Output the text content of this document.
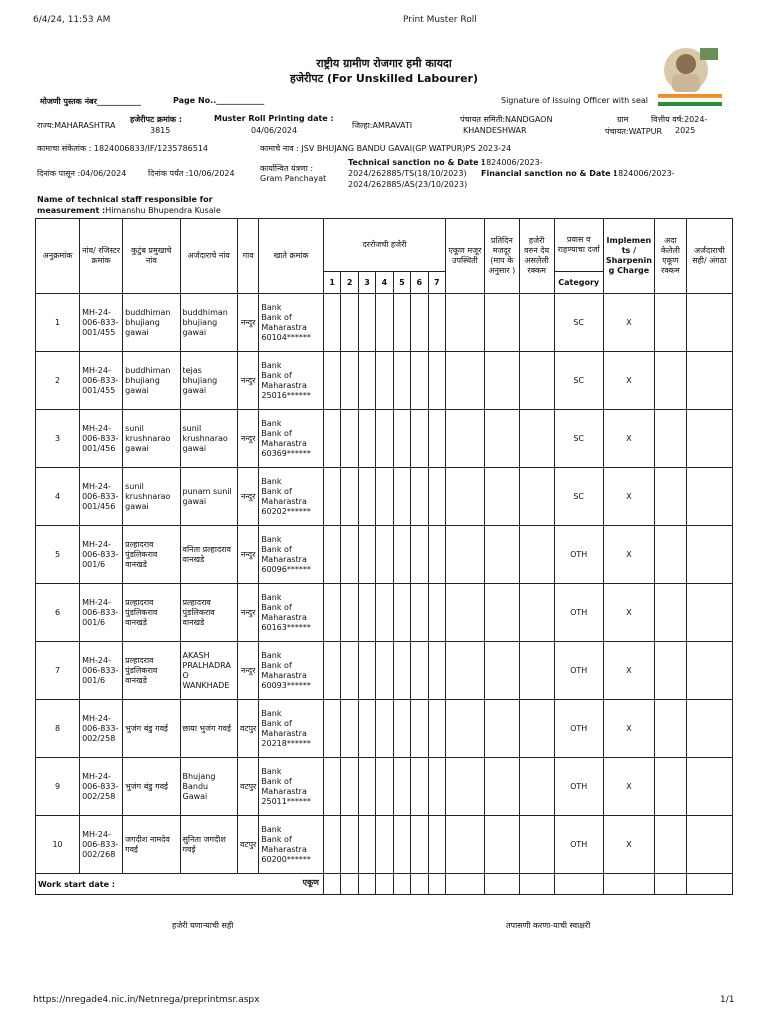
6/4/24, 11:53 AM	Print Muster Roll
राष्ट्रीय ग्रामीण रोजगार हमी कायदा
हजेरीपट (For Unskilled Labourer)
मोजणी पुस्तक नंबर___________	Page No..____________	Signature of Issuing Officer with seal
राज्य:MAHARASHTRA
हजेरीपट क्रमांक :
3815
Muster Roll Printing date :
04/06/2024
जिल्हा:AMRAVATI
पंचायत समिती:NANDGAON
KHANDESHWAR
ग्राम
पंचायत:WATPUR
वित्तीय वर्ष:2024-
2025
कामाचा संकेतांक : 1824006833/IF/1235786514	कामाचे नाव : JSV BHUJANG BANDU GAVAI(GP WATPUR)PS 2023-24
दिनांक पासून :04/06/2024	दिनांक पर्यंत :10/06/2024
कार्यान्वित यंत्रणा :
Gram Panchayat
Technical sanction no & Date :
1824006/2023-
2024/262885/TS(18/10/2023) Financial sanction no & Date :
1824006/2023-
2024/262885/AS(23/10/2023)
Name of technical staff responsible for
measurement :Himanshu Bhupendra Kusale
अनुक्रमांक	नांव/ रजिस्टर क्रमांक	कुटुंब प्रमुखाचे नांव	अर्जदाराचे नांव	गाव	खाते क्रमांक	दररोजची हजेरी							एकूण मजूर उपस्थिती	प्रतिदिन मजदूर (माप के अनुसार )	हजेरी वरुन देय असलेली रक्कम	प्रवास व राहण्याचा दर्जा	Implements / Sharpening Charge	अदा केलेली एकूण रक्कम	अर्जदाराची सही/ अंगठा
						1	2	3	4	5	6	7				Category			
1	MH-24-006-833-001/455	buddhiman bhujiang gawai	buddhiman bhujiang gawai	नन्दुर	Bank
Bank of Maharastra
60104******											SC	X		
2	MH-24-006-833-001/455	buddhiman bhujiang gawai	tejas bhujiang gawai	नन्दुर	Bank
Bank of Maharastra
25016******											SC	X		
3	MH-24-006-833-001/456	sunil krushnarao gawai	sunil krushnarao gawai	नन्दुर	Bank
Bank of Maharastra
60369******											SC	X		
4	MH-24-006-833-001/456	sunil krushnarao gawai	punam sunil gawai	नन्दुर	Bank
Bank of Maharastra
60202******											SC	X		
5	MH-24-006-833-001/6	प्रल्हादराव पुंडलिकराव वानखडे	वनिता प्रल्हादराव वानखडे	नन्दुर	Bank
Bank of Maharastra
60096******											OTH	X		
6	MH-24-006-833-001/6	प्रल्हादराव पुंडलिकराव वानखडे	प्रल्हादराव पुंडलिकराव वानखडे	नन्दुर	Bank
Bank of Maharastra
60163******											OTH	X		
7	MH-24-006-833-001/6	प्रल्हादराव पुंडलिकराव वानखडे	AKASH PRALHADRAO WANKHADE	नन्दुर	Bank
Bank of Maharastra
60093******											OTH	X		
8	MH-24-006-833-002/258	भुजंग बंडु गवई	छाया भुजंग गवई	वटपुर	Bank
Bank of Maharastra
20218******											OTH	X		
9	MH-24-006-833-002/258	भुजंग बंडु गवई	Bhujang Bandu Gawai	वटपुर	Bank
Bank of Maharastra
25011******											OTH	X		
10	MH-24-006-833-002/268	जगदीश नामदेव गवई	सुनिता जगदीश गवई	वटपुर	Bank
Bank of Maharastra
60200******											OTH	X		
Work start date : एकूण																			

हजेरी घणाऱ्याची सही	तपासणी करणा-याची स्वाक्षरी
https://nregade4.nic.in/Netnrega/preprintmsr.aspx	1/1
